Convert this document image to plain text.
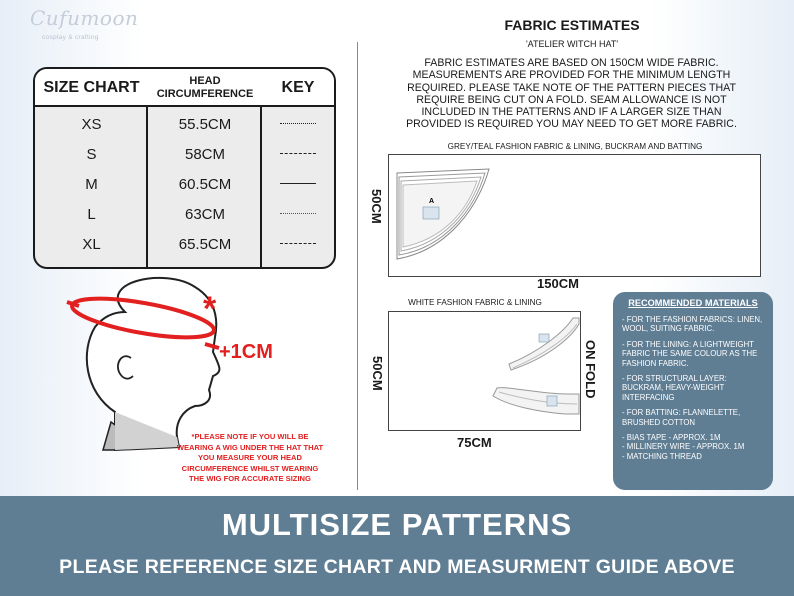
Cufumoon
cosplay & crafting
SIZE CHART	HEAD CIRCUMFERENCE	KEY
XS	55.5CM
S	58CM
M	60.5CM
L	63CM
XL	65.5CM
*
+1CM
*PLEASE NOTE IF YOU WILL BE WEARING A WIG UNDER THE HAT THAT YOU MEASURE YOUR HEAD CIRCUMFERENCE WHILST WEARING THE WIG FOR ACCURATE SIZING
FABRIC ESTIMATES
'ATELIER WITCH HAT'
FABRIC ESTIMATES ARE BASED ON 150CM WIDE FABRIC. MEASUREMENTS ARE PROVIDED FOR THE MINIMUM LENGTH REQUIRED. PLEASE TAKE NOTE OF THE PATTERN PIECES THAT REQUIRE BEING CUT ON A FOLD. SEAM ALLOWANCE IS NOT INCLUDED IN THE PATTERNS AND IF A LARGER SIZE THAN PROVIDED IS REQUIRED YOU MAY NEED TO GET MORE FABRIC.
GREY/TEAL FASHION FABRIC & LINING, BUCKRAM AND BATTING
A
150CM
50CM
WHITE FASHION FABRIC & LINING
75CM
50CM	ON FOLD
RECOMMENDED MATERIALS
- FOR THE FASHION FABRICS: LINEN, WOOL, SUITING FABRIC.
- FOR THE LINING: A LIGHTWEIGHT FABRIC THE SAME COLOUR AS THE FASHION FABRIC.
- FOR STRUCTURAL LAYER: BUCKRAM, HEAVY-WEIGHT INTERFACING
- FOR BATTING: FLANNELETTE, BRUSHED COTTON
- BIAS TAPE - APPROX. 1M
- MILLINERY WIRE - APPROX. 1M
- MATCHING THREAD
MULTISIZE PATTERNS
PLEASE REFERENCE SIZE CHART AND MEASURMENT GUIDE ABOVE
